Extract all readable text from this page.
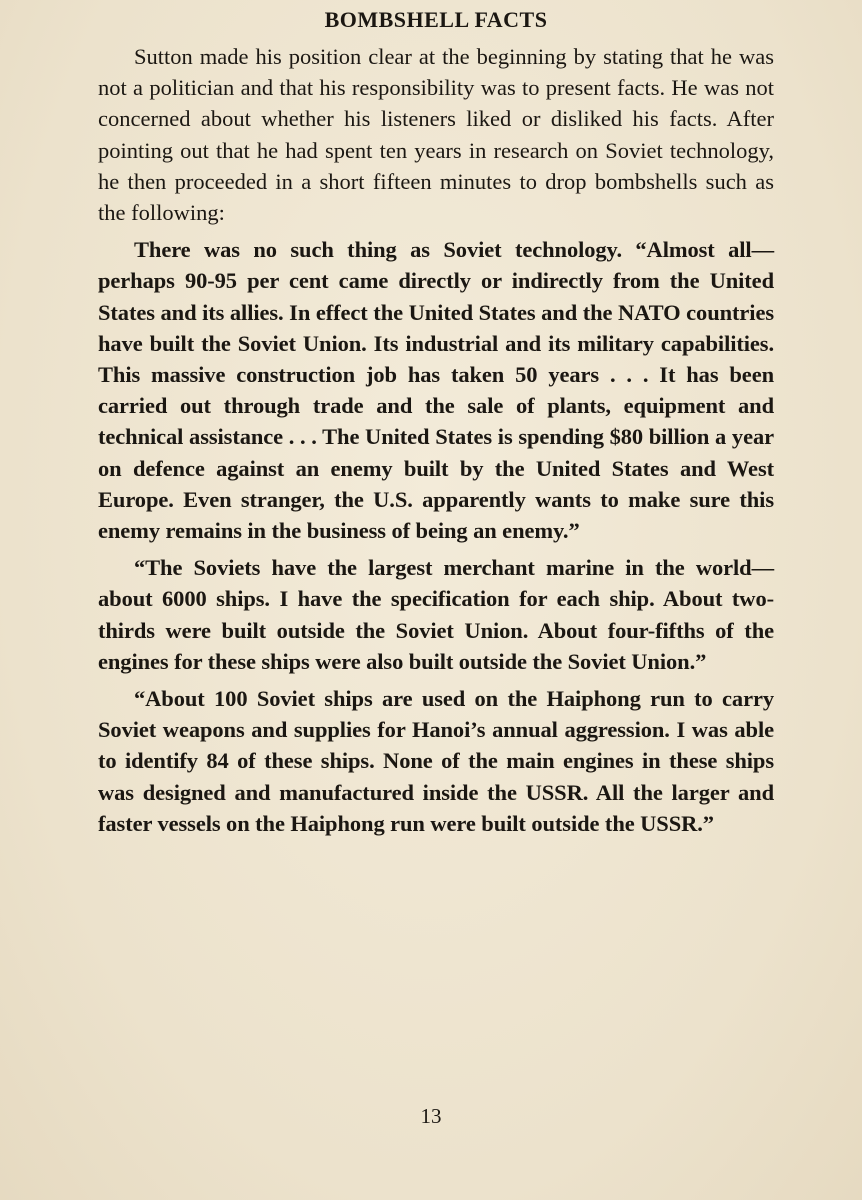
BOMBSHELL FACTS

Sutton made his position clear at the beginning by stating that he was not a politician and that his responsibility was to present facts. He was not concerned about whether his listeners liked or disliked his facts. After pointing out that he had spent ten years in research on Soviet technology, he then proceeded in a short fifteen minutes to drop bombshells such as the following:

There was no such thing as Soviet technology. “Almost all—perhaps 90-95 per cent came directly or indirectly from the United States and its allies. In effect the United States and the NATO countries have built the Soviet Union. Its industrial and its military capabilities. This massive construction job has taken 50 years . . . It has been carried out through trade and the sale of plants, equipment and technical assistance . . . The United States is spending $80 billion a year on defence against an enemy built by the United States and West Europe. Even stranger, the U.S. apparently wants to make sure this enemy remains in the business of being an enemy.”

“The Soviets have the largest merchant marine in the world—about 6000 ships. I have the specification for each ship. About two-thirds were built outside the Soviet Union. About four-fifths of the engines for these ships were also built outside the Soviet Union.”

“About 100 Soviet ships are used on the Haiphong run to carry Soviet weapons and supplies for Hanoi’s annual aggression. I was able to identify 84 of these ships. None of the main engines in these ships was designed and manufactured inside the USSR. All the larger and faster vessels on the Haiphong run were built outside the USSR.”

13
